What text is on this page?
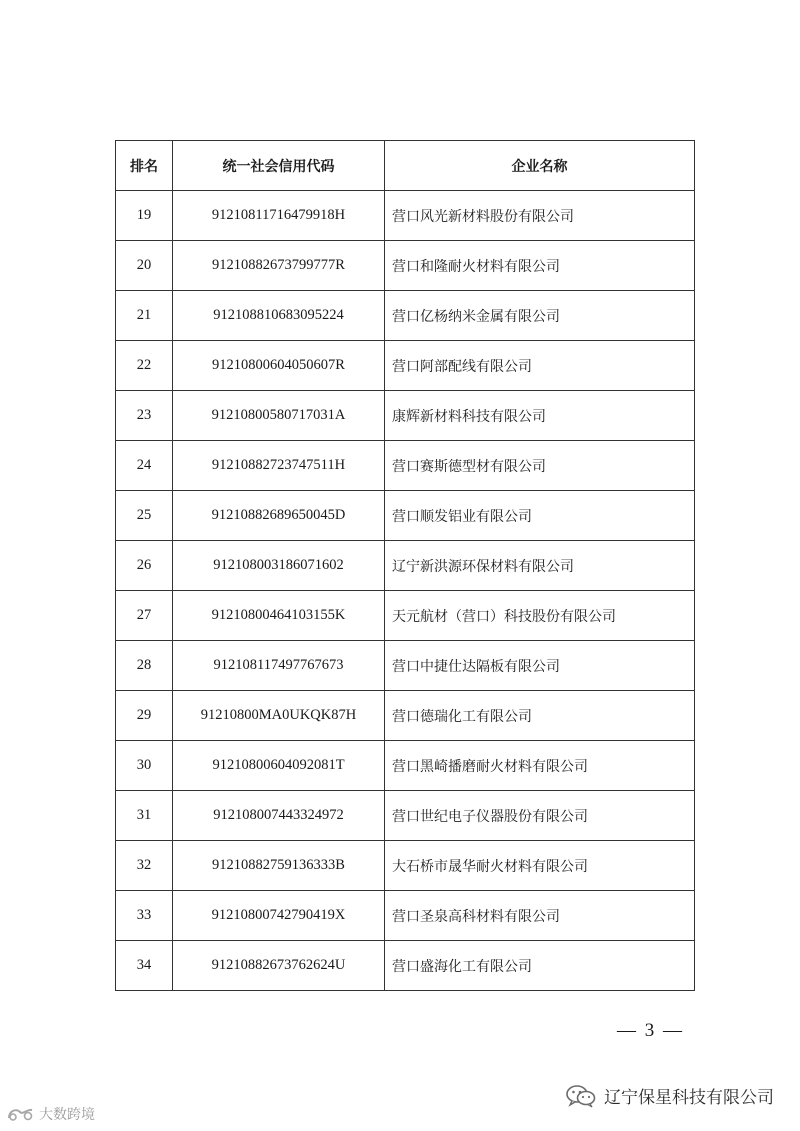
排名	统一社会信用代码	企业名称
19	91210811716479918H	营口风光新材料股份有限公司
20	91210882673799777R	营口和隆耐火材料有限公司
21	912108810683095224	营口亿杨纳米金属有限公司
22	91210800604050607R	营口阿部配线有限公司
23	91210800580717031A	康辉新材料科技有限公司
24	91210882723747511H	营口赛斯德型材有限公司
25	91210882689650045D	营口顺发铝业有限公司
26	912108003186071602	辽宁新洪源环保材料有限公司
27	91210800464103155K	天元航材（营口）科技股份有限公司
28	912108117497767673	营口中捷仕达隔板有限公司
29	91210800MA0UKQK87H	营口德瑞化工有限公司
30	91210800604092081T	营口黑崎播磨耐火材料有限公司
31	912108007443324972	营口世纪电子仪器股份有限公司
32	91210882759136333B	大石桥市晟华耐火材料有限公司
33	91210800742790419X	营口圣泉高科材料有限公司
34	91210882673762624U	营口盛海化工有限公司
— 3 —
辽宁保星科技有限公司
大数跨境
